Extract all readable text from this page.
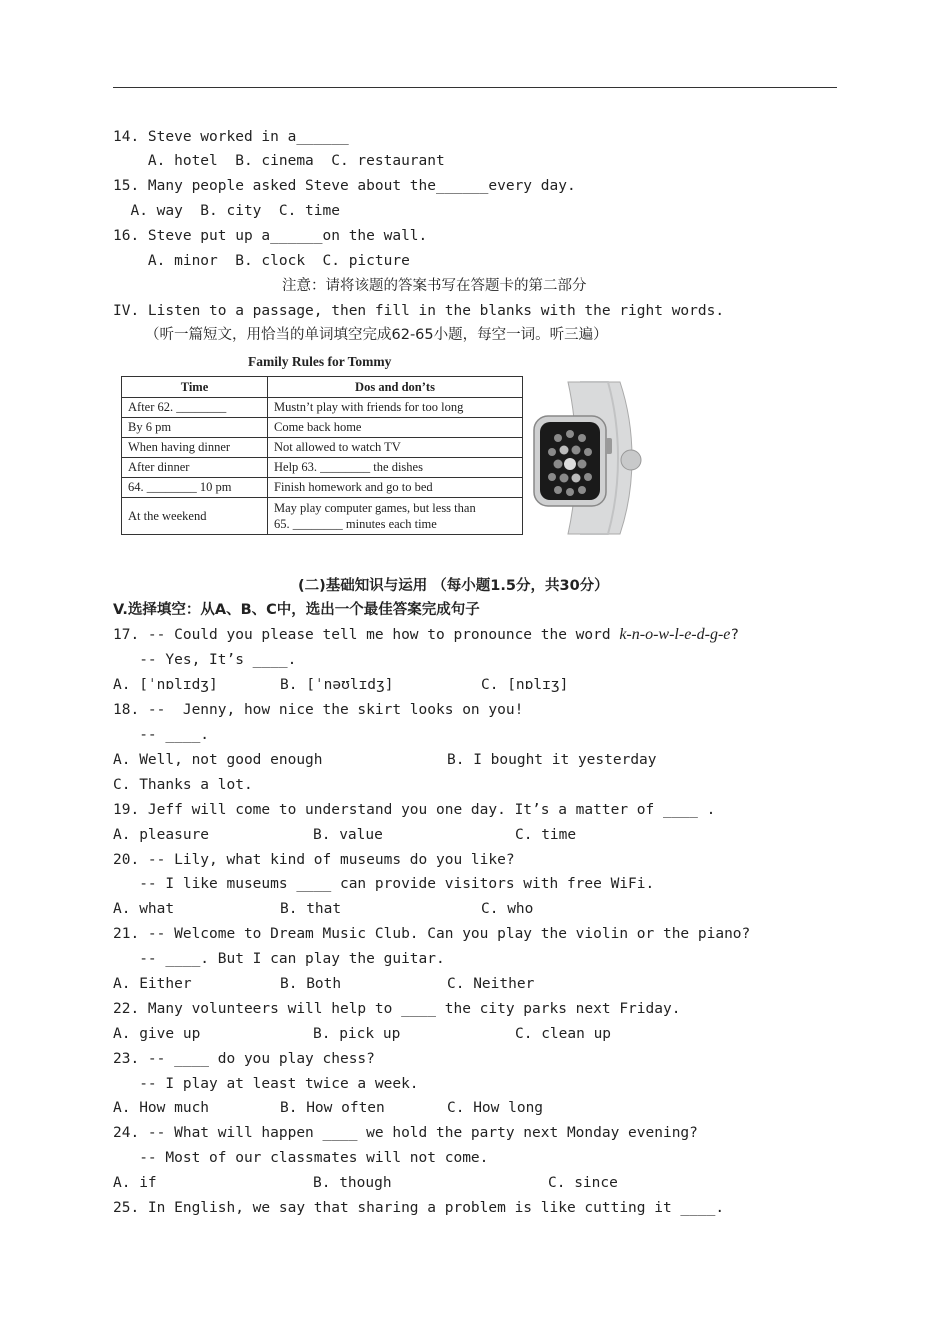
14. Steve worked in a______
A. hotel  B. cinema  C. restaurant
15. Many people asked Steve about the______every day.
A. way  B. city  C. time
16. Steve put up a______on the wall.
A. minor  B. clock  C. picture
注意：请将该题的答案书写在答题卡的第二部分
IV. Listen to a passage, then fill in the blanks with the right words.
（听一篇短文，用恰当的单词填空完成62-65小题，每空一词。听三遍）
Family Rules for Tommy
Time	Dos and don’ts
After 62. ________	Mustn’t play with friends for too long
By 6 pm	Come back home
When having dinner	Not allowed to watch TV
After dinner	Help 63. ________ the dishes
64. ________ 10 pm	Finish homework and go to bed
At the weekend	May play computer games, but less than
65. ________ minutes each time
(二)基础知识与运用 （每小题1.5分，共30分）
V.选择填空：从A、B、C中，选出一个最佳答案完成句子
17. -- Could you please tell me how to pronounce the word k-n-o-w-l-e-d-g-e?
-- Yes, It’s ____.
A. [ˈnɒlɪdʒ]	B. [ˈnəʊlɪdʒ]	C. [nɒlɪʒ]
18. --  Jenny, how nice the skirt looks on you!
-- ____.
A. Well, not good enough	B. I bought it yesterday
C. Thanks a lot.
19. Jeff will come to understand you one day. It’s a matter of ____ .
A. pleasure	B. value	C. time
20. -- Lily, what kind of museums do you like?
-- I like museums ____ can provide visitors with free WiFi.
A. what	B. that	C. who
21. -- Welcome to Dream Music Club. Can you play the violin or the piano?
-- ____. But I can play the guitar.
A. Either	B. Both	C. Neither
22. Many volunteers will help to ____ the city parks next Friday.
A. give up	B. pick up	C. clean up
23. -- ____ do you play chess?
-- I play at least twice a week.
A. How much	B. How often	C. How long
24. -- What will happen ____ we hold the party next Monday evening?
-- Most of our classmates will not come.
A. if	B. though	C. since
25. In English, we say that sharing a problem is like cutting it ____.
